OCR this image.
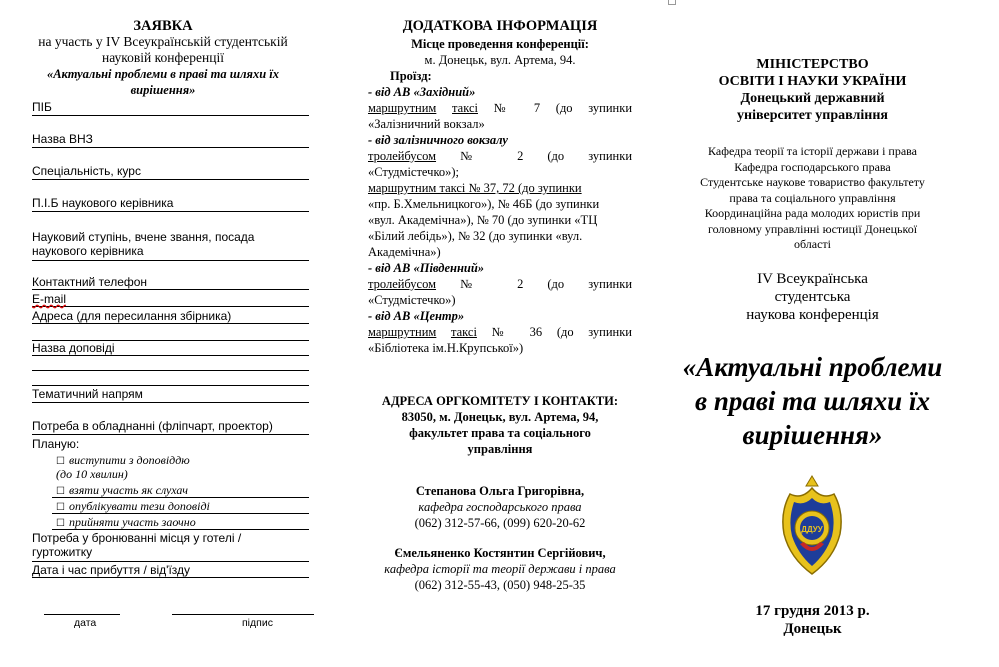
ЗАЯВКА
на участь у IV Всеукраїнській студентській
науковій конференції
«Актуальні проблеми в праві та шляхи їх
вирішення»
ПІБ
Назва ВНЗ
Спеціальність, курс
П.І.Б наукового керівника
Науковий ступінь, вчене звання, посада
наукового керівника
Контактний телефон
E-mail
Адреса (для пересилання збірника)
Назва доповіді
Тематичний напрям
Потреба в обладнанні (фліпчарт, проектор)
Планую:
☐ виступити з доповіддю
(до 10 хвилин)
☐ взяти участь як слухач
☐ опублікувати тези доповіді
☐ прийняти участь заочно
Потреба у бронюванні місця у готелі /
гуртожитку
Дата і час прибуття / від'їзду
дата	підпис
ДОДАТКОВА ІНФОРМАЦІЯ
Місце проведення конференції:
м. Донецьк, вул. Артема, 94.
Проїзд:
- від АВ «Західний»
маршрутним таксі № 7 (до зупинки
«Залізничний вокзал»
- від залізничного вокзалу
тролейбусом № 2 (до зупинки
«Студмістечко»);
маршрутним таксі № 37, 72 (до зупинки
«пр. Б.Хмельницкого»), № 46Б (до зупинки
«вул. Академічна»), № 70 (до зупинки «ТЦ
«Білий лебідь»), № 32 (до зупинки «вул.
Академічна»)
- від АВ «Південний»
тролейбусом № 2 (до зупинки
«Студмістечко»)
- від АВ «Центр»
маршрутним таксі № 36 (до зупинки
«Бібліотека ім.Н.Крупської»)
АДРЕСА ОРГКОМІТЕТУ І КОНТАКТИ:
83050, м. Донецьк, вул. Артема, 94,
факультет права та соціального
управління
Степанова Ольга Григорівна,
кафедра господарського права
(062) 312-57-66, (099) 620-20-62
Ємельяненко Костянтин Сергійович,
кафедра історії та теорії держави і права
(062) 312-55-43, (050) 948-25-35
МІНІСТЕРСТВО
ОСВІТИ І НАУКИ УКРАЇНИ
Донецький державний
університет управління
Кафедра теорії та історії держави і права
Кафедра господарського права
Студентське наукове товариство факультету
права та соціального управління
Координаційна рада молодих юристів при
головному управлінні юстиції Донецької
області
IV Всеукраїнська
студентська
наукова конференція
«Актуальні проблеми
в праві та шляхи їх
вирішення»
ДДУУ
17 грудня 2013 р.
Донецьк
